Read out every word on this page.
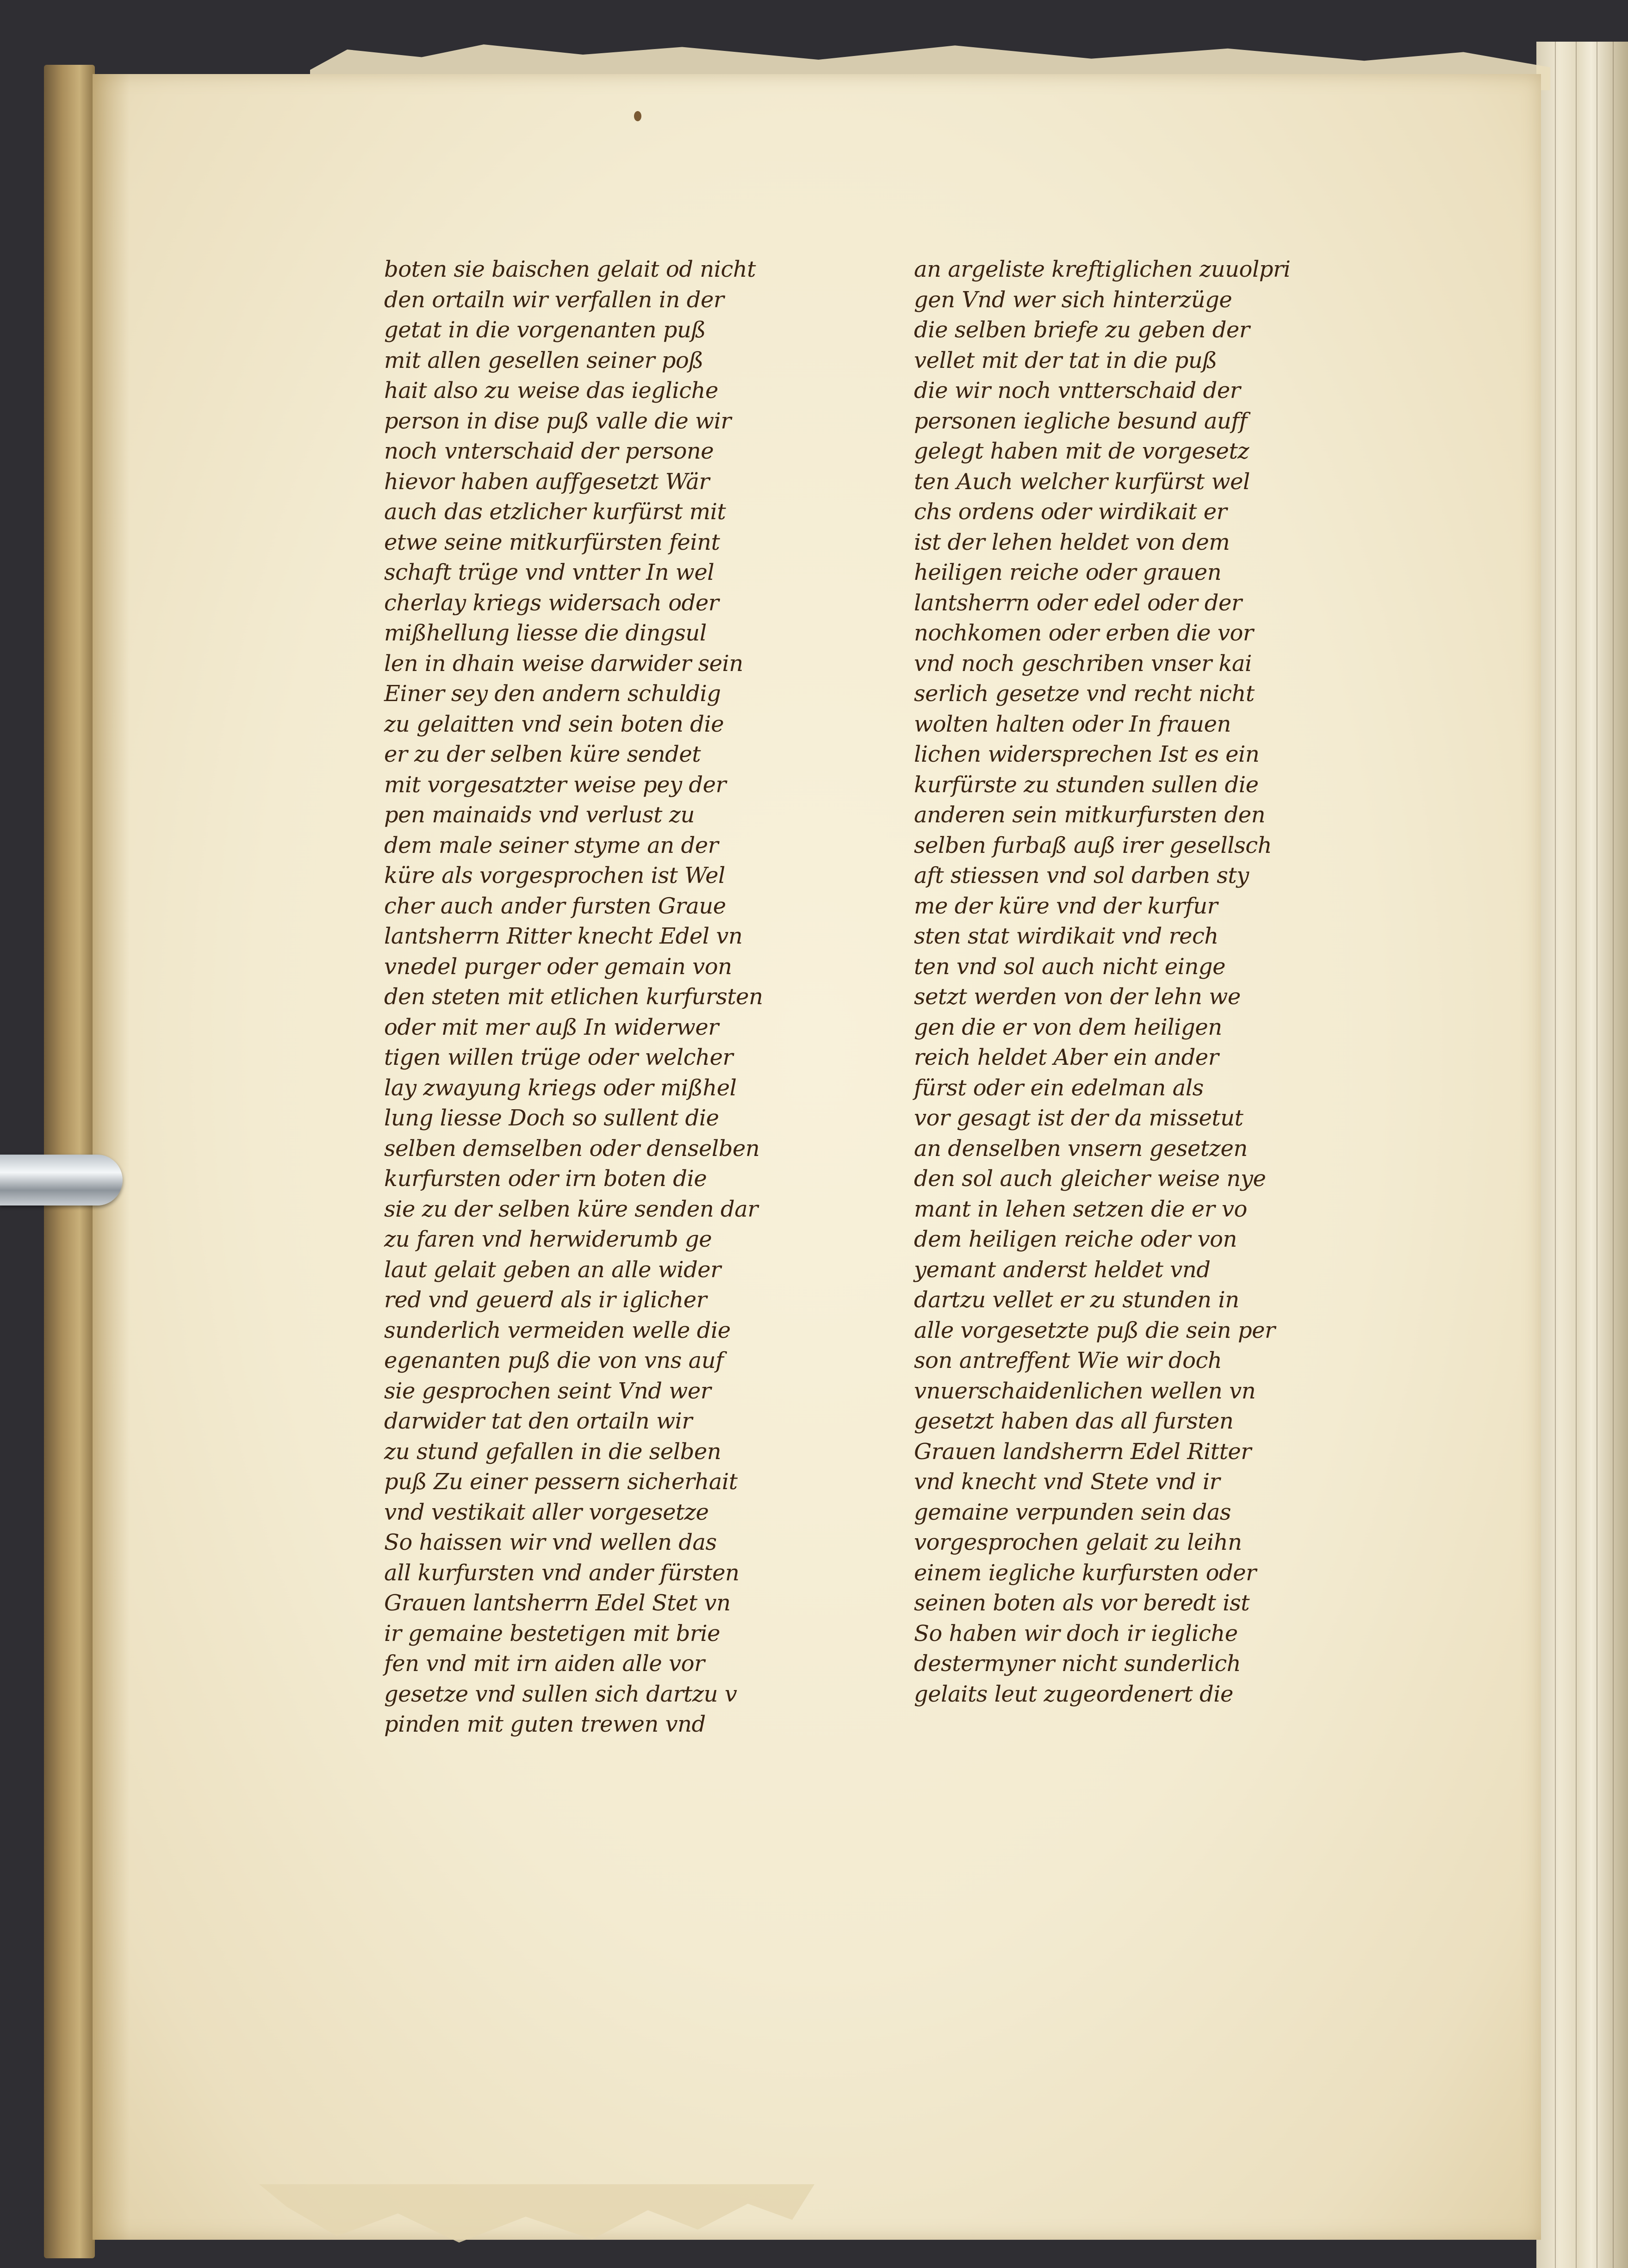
boten sie baischen gelait od nicht
den ortailn wir verfallen in der
getat in die vorgenanten puß
mit allen gesellen seiner poß
hait also zu weise das iegliche
person in dise puß valle die wir
noch vnterschaid der persone
hievor haben auffgesetzt Wär
auch das etzlicher kurfürst mit
etwe seine mitkurfürsten feint
schaft trüge vnd vntter In wel
cherlay kriegs widersach oder
mißhellung liesse die dingsul
len in dhain weise darwider sein
Einer sey den andern schuldig
zu gelaitten vnd sein boten die
er zu der selben küre sendet
mit vorgesatzter weise pey der
pen mainaids vnd verlust zu
dem male seiner styme an der
küre als vorgesprochen ist Wel
cher auch ander fursten Graue
lantsherrn Ritter knecht Edel vn
vnedel purger oder gemain von
den steten mit etlichen kurfursten
oder mit mer auß In widerwer
tigen willen trüge oder welcher
lay zwayung kriegs oder mißhel
lung liesse Doch so sullent die
selben demselben oder denselben
kurfursten oder irn boten die
sie zu der selben küre senden dar
zu faren vnd herwiderumb ge
laut gelait geben an alle wider
red vnd geuerd als ir iglicher
sunderlich vermeiden welle die
egenanten puß die von vns auf
sie gesprochen seint Vnd wer
darwider tat den ortailn wir
zu stund gefallen in die selben
puß Zu einer pessern sicherhait
vnd vestikait aller vorgesetze
So haissen wir vnd wellen das
all kurfursten vnd ander fürsten
Grauen lantsherrn Edel Stet vn
ir gemaine bestetigen mit brie
fen vnd mit irn aiden alle vor
gesetze vnd sullen sich dartzu v
pinden mit guten trewen vnd
an argeliste kreftiglichen zuuolpri
gen Vnd wer sich hinterzüge
die selben briefe zu geben der
vellet mit der tat in die puß
die wir noch vntterschaid der
personen iegliche besund auff
gelegt haben mit de vorgesetz
ten Auch welcher kurfürst wel
chs ordens oder wirdikait er
ist der lehen heldet von dem
heiligen reiche oder grauen
lantsherrn oder edel oder der
nochkomen oder erben die vor
vnd noch geschriben vnser kai
serlich gesetze vnd recht nicht
wolten halten oder In frauen
lichen widersprechen Ist es ein
kurfürste zu stunden sullen die
anderen sein mitkurfursten den
selben furbaß auß irer gesellsch
aft stiessen vnd sol darben sty
me der küre vnd der kurfur
sten stat wirdikait vnd rech
ten vnd sol auch nicht einge
setzt werden von der lehn we
gen die er von dem heiligen
reich heldet Aber ein ander
fürst oder ein edelman als
vor gesagt ist der da missetut
an denselben vnsern gesetzen
den sol auch gleicher weise nye
mant in lehen setzen die er vo
dem heiligen reiche oder von
yemant anderst heldet vnd
dartzu vellet er zu stunden in
alle vorgesetzte puß die sein per
son antreffent Wie wir doch
vnuerschaidenlichen wellen vn
gesetzt haben das all fursten
Grauen landsherrn Edel Ritter
vnd knecht vnd Stete vnd ir
gemaine verpunden sein das
vorgesprochen gelait zu leihn
einem iegliche kurfursten oder
seinen boten als vor beredt ist
So haben wir doch ir iegliche
destermyner nicht sunderlich
gelaits leut zugeordenert die
